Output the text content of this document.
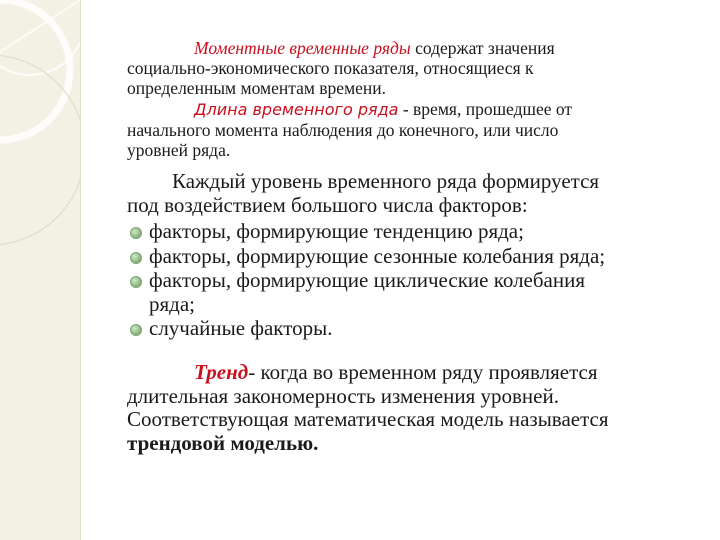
Моментные временные ряды содержат значения
социально-экономического показателя, относящиеся к
определенным моментам времени.

Длина временного ряда - время, прошедшее от
начального момента наблюдения до конечного, или число
уровней ряда.

Каждый уровень временного ряда формируется
под воздействием большого числа факторов:

факторы, формирующие тенденцию ряда;
факторы, формирующие сезонные колебания ряда;
факторы, формирующие циклические колебания
ряда;
случайные факторы.

Тренд- когда во временном ряду проявляется
длительная закономерность изменения уровней.
Соответствующая математическая модель называется
трендовой моделью.
